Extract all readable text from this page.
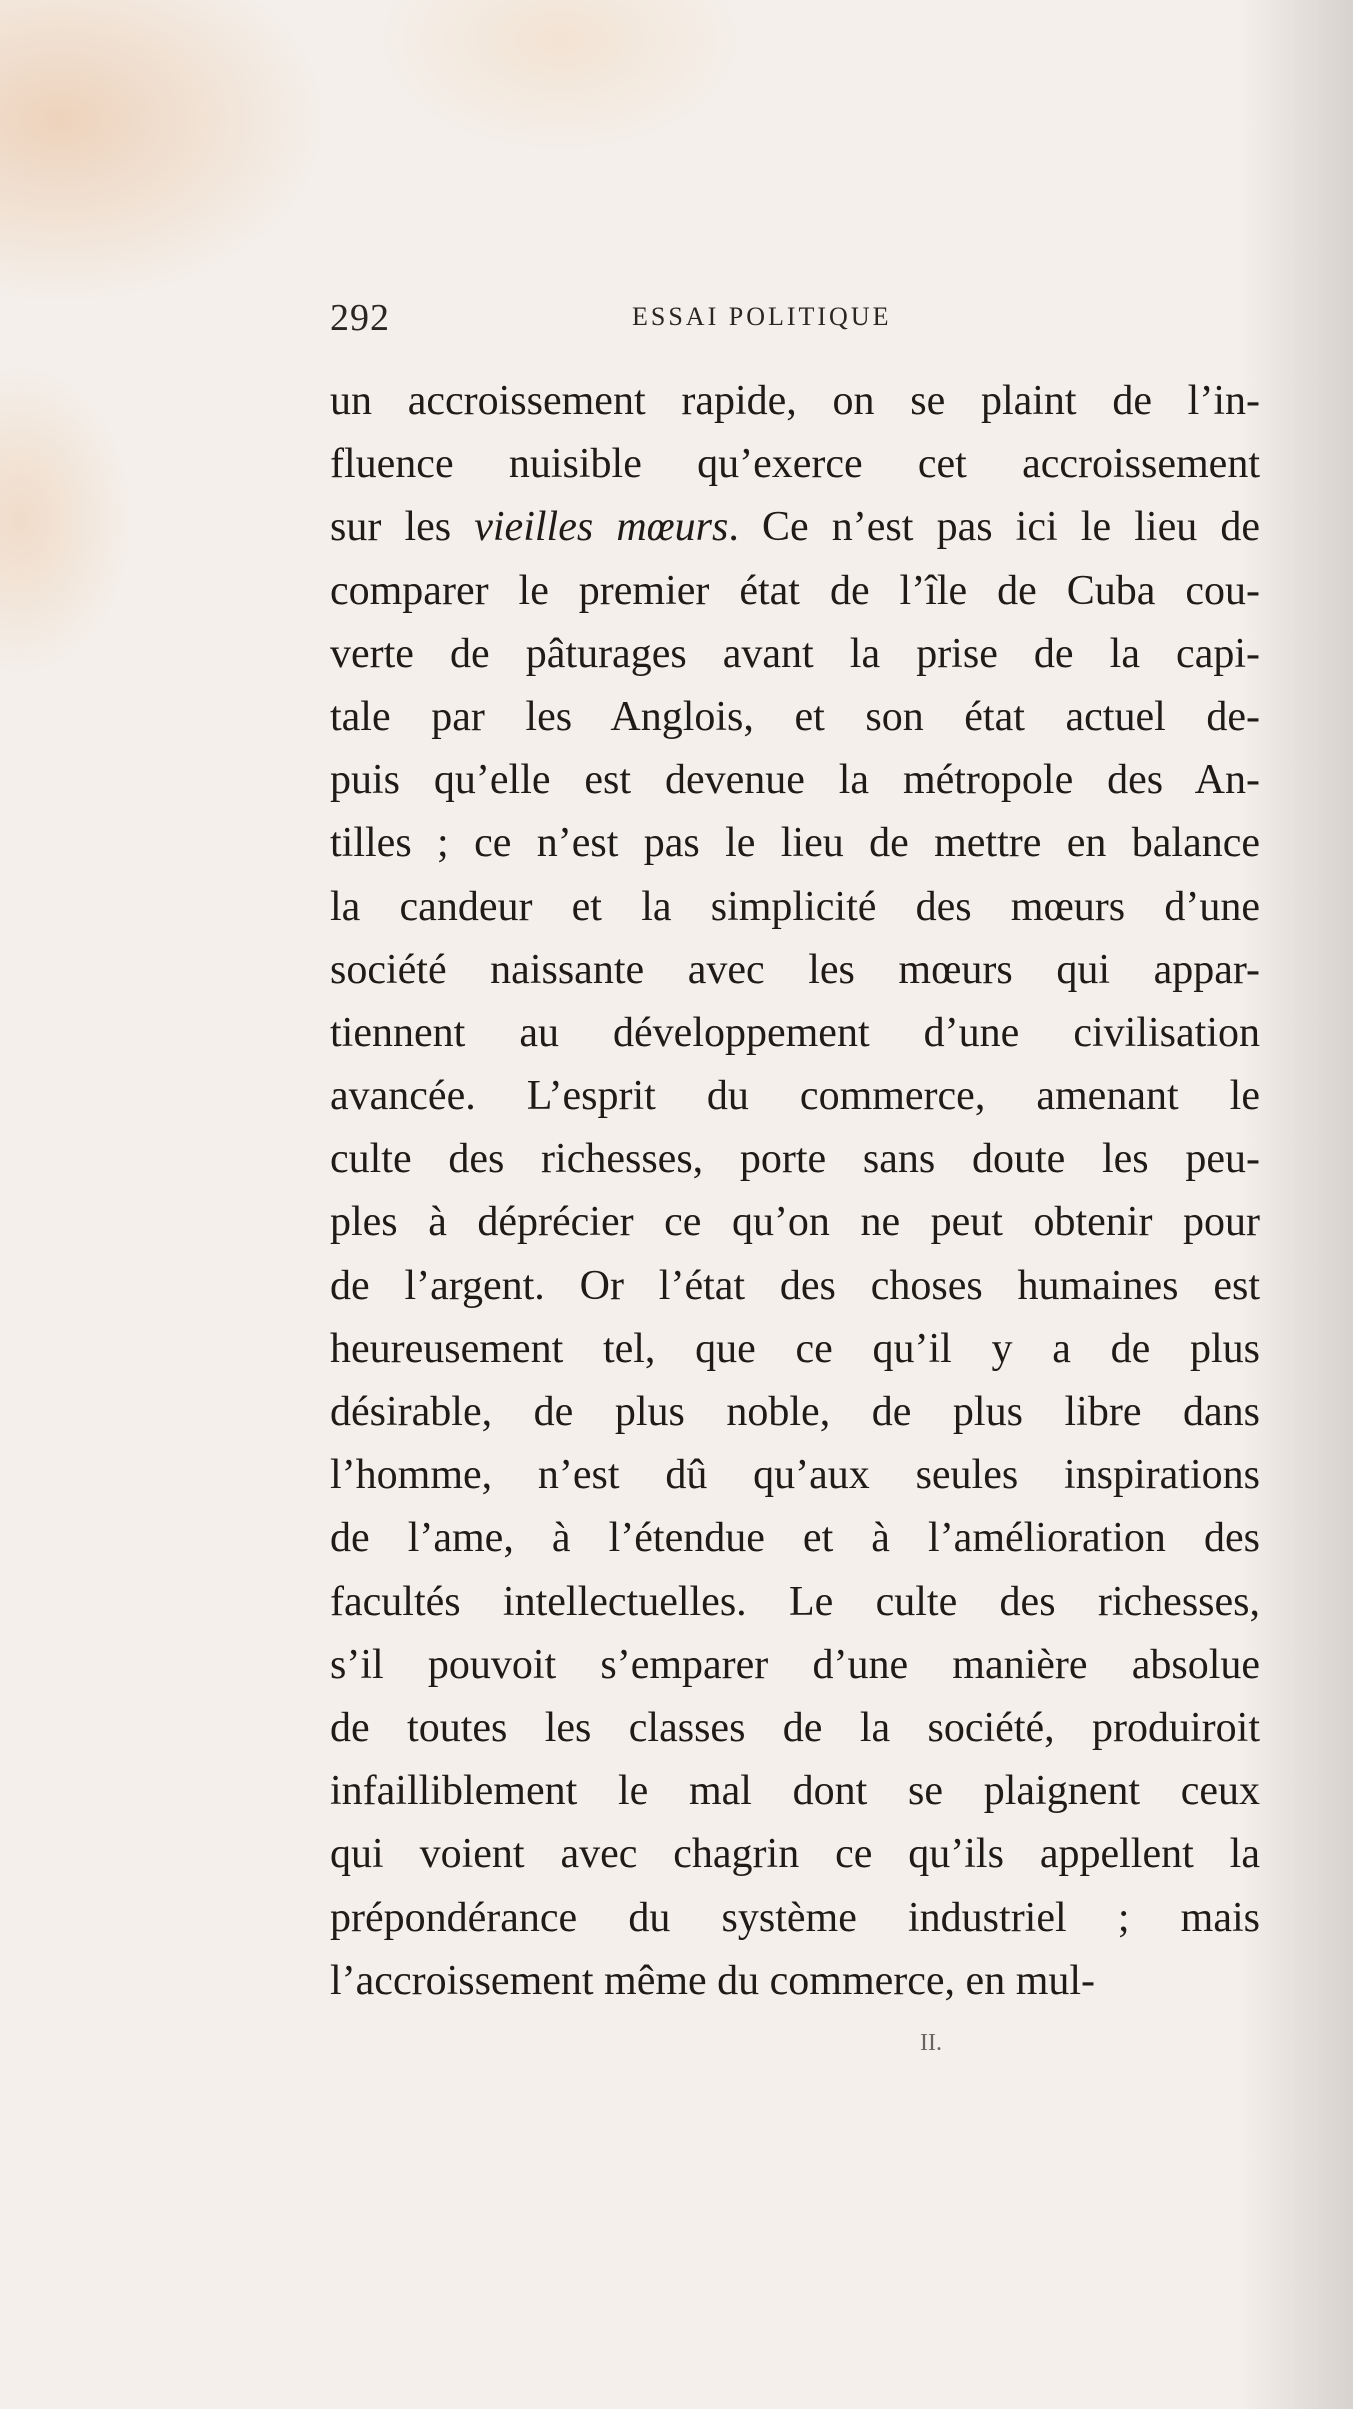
292	ESSAI POLITIQUE
un accroissement rapide, on se plaint de l’in-
fluence nuisible qu’exerce cet accroissement
sur les vieilles mœurs. Ce n’est pas ici le lieu de
comparer le premier état de l’île de Cuba cou-
verte de pâturages avant la prise de la capi-
tale par les Anglois, et son état actuel de-
puis qu’elle est devenue la métropole des An-
tilles ; ce n’est pas le lieu de mettre en balance
la candeur et la simplicité des mœurs d’une
société naissante avec les mœurs qui appar-
tiennent au développement d’une civilisation
avancée. L’esprit du commerce, amenant le
culte des richesses, porte sans doute les peu-
ples à déprécier ce qu’on ne peut obtenir pour
de l’argent. Or l’état des choses humaines est
heureusement tel, que ce qu’il y a de plus
désirable, de plus noble, de plus libre dans
l’homme, n’est dû qu’aux seules inspirations
de l’ame, à l’étendue et à l’amélioration des
facultés intellectuelles. Le culte des richesses,
s’il pouvoit s’emparer d’une manière absolue
de toutes les classes de la société, produiroit
infailliblement le mal dont se plaignent ceux
qui voient avec chagrin ce qu’ils appellent la
prépondérance du système industriel ; mais
l’accroissement même du commerce, en mul-
II.
